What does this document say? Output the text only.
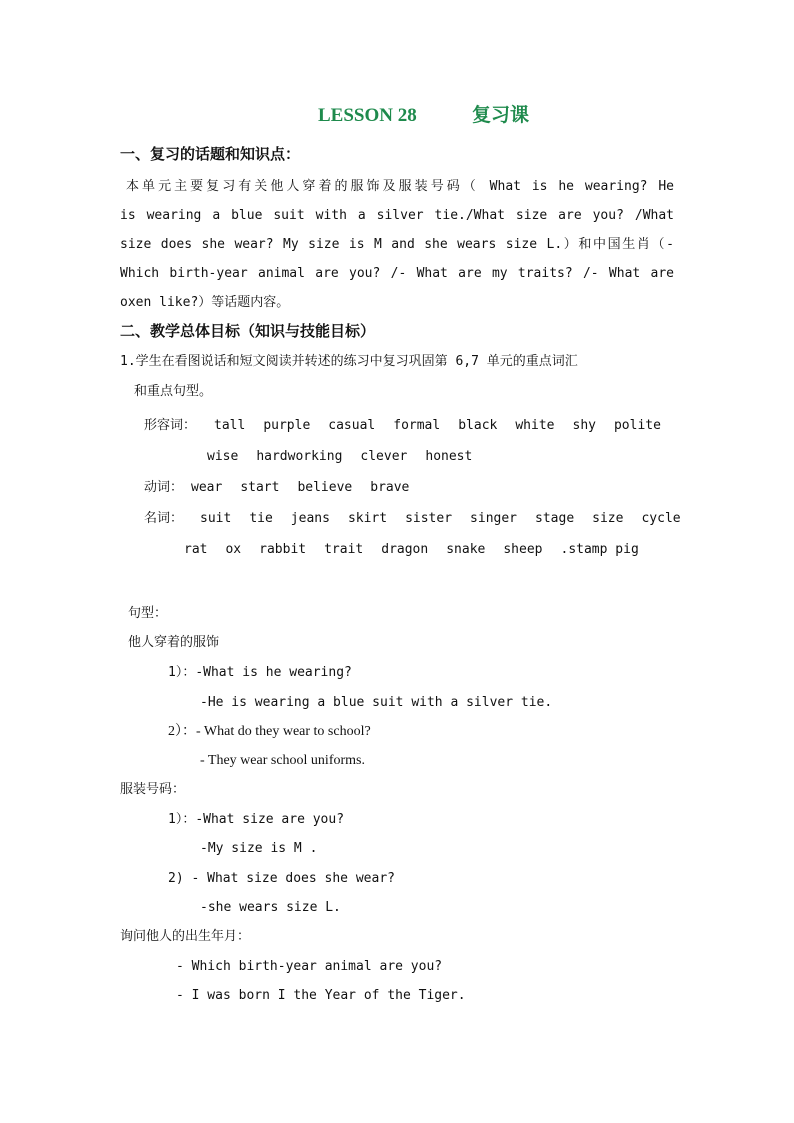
LESSON 28	复习课
一、复习的话题和知识点：
本单元主要复习有关他人穿着的服饰及服装号码（ What is he wearing? He
is wearing a blue suit with a silver tie./What size are you? /What
size does she wear? My size is M and she wears size L.）和中国生肖（-
Which birth-year animal are you? /- What are my traits? /- What are
oxen like?）等话题内容。
二、教学总体目标（知识与技能目标）
1.学生在看图说话和短文阅读并转述的练习中复习巩固第 6,7 单元的重点词汇
和重点句型。
形容词： tall purple casual formal black white shy polite
wise hardworking clever honest
动词： wear start believe brave
名词： suit tie jeans skirt sister singer stage size cycle
rat ox rabbit trait dragon snake sheep .stamp pig
句型：
他人穿着的服饰
1）：-What is he wearing?
-He is wearing a blue suit with a silver tie.
2）：- What do they wear to school?
- They wear school uniforms.
服装号码：
1）：-What size are you?
-My size is M .
2) - What size does she wear?
-she wears size L.
询问他人的出生年月：
- Which birth-year animal are you?
- I was born I the Year of the Tiger.
